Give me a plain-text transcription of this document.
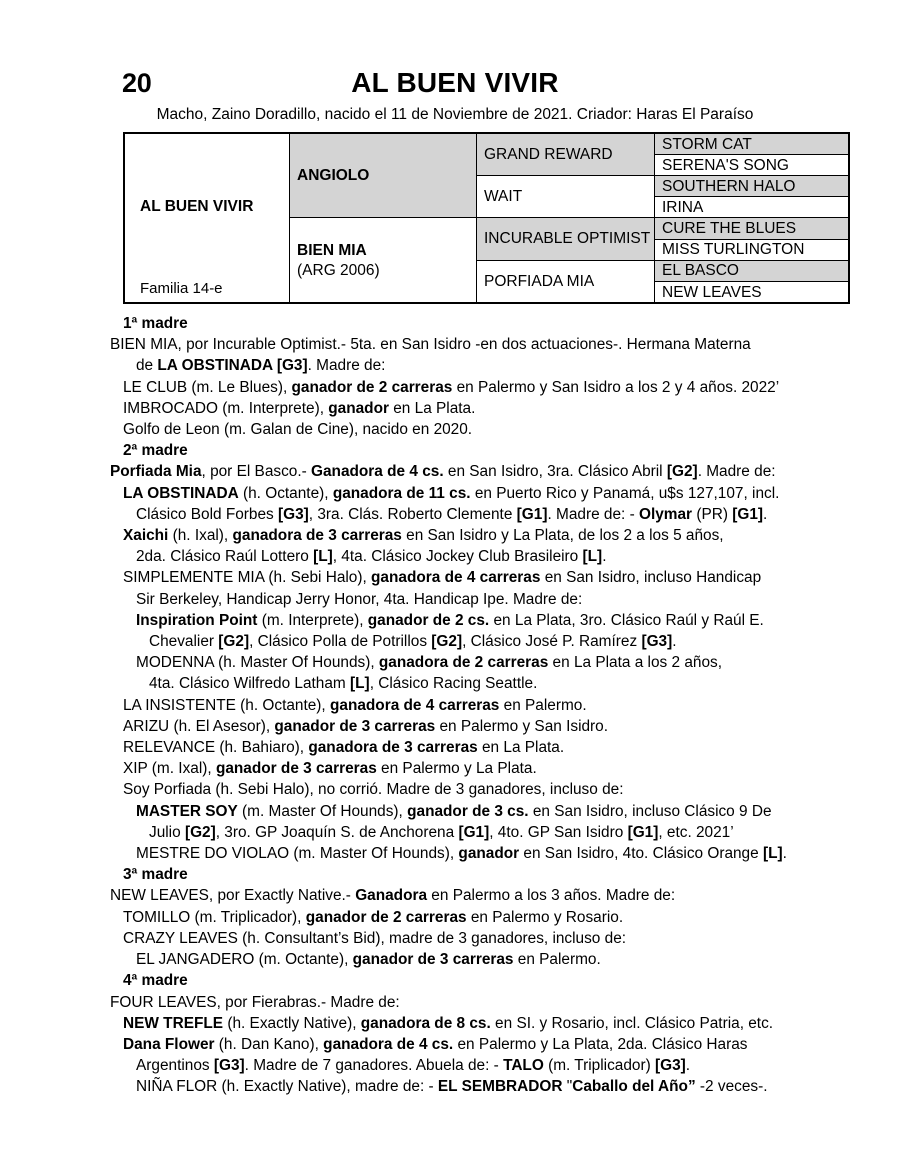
20	AL BUEN VIVIR
Macho, Zaino Doradillo, nacido el 11 de Noviembre de 2021. Criador: Haras El Paraíso
AL BUEN VIVIR
Familia 14-e	ANGIOLO	GRAND REWARD	STORM CAT
			SERENA'S SONG
		WAIT	SOUTHERN HALO
			IRINA

	BIEN MIA
(ARG 2006)	INCURABLE OPTIMIST	CURE THE BLUES
			MISS TURLINGTON
		PORFIADA MIA	EL BASCO
			NEW LEAVES
1ª madre
BIEN MIA, por Incurable Optimist.- 5ta. en San Isidro -en dos actuaciones-. Hermana Materna
de LA OBSTINADA [G3]. Madre de:
LE CLUB (m. Le Blues), ganador de 2 carreras en Palermo y San Isidro a los 2 y 4 años. 2022’
IMBROCADO (m. Interprete), ganador en La Plata.
Golfo de Leon (m. Galan de Cine), nacido en 2020.
2ª madre
Porfiada Mia, por El Basco.- Ganadora de 4 cs. en San Isidro, 3ra. Clásico Abril [G2]. Madre de:
LA OBSTINADA (h. Octante), ganadora de 11 cs. en Puerto Rico y Panamá, u$s 127,107, incl.
Clásico Bold Forbes [G3], 3ra. Clás. Roberto Clemente [G1]. Madre de: - Olymar (PR) [G1].
Xaichi (h. Ixal), ganadora de 3 carreras en San Isidro y La Plata, de los 2 a los 5 años,
2da. Clásico Raúl Lottero [L], 4ta. Clásico Jockey Club Brasileiro [L].
SIMPLEMENTE MIA (h. Sebi Halo), ganadora de 4 carreras en San Isidro, incluso Handicap
Sir Berkeley, Handicap Jerry Honor, 4ta. Handicap Ipe. Madre de:
Inspiration Point (m. Interprete), ganador de 2 cs. en La Plata, 3ro. Clásico Raúl y Raúl E.
Chevalier [G2], Clásico Polla de Potrillos [G2], Clásico José P. Ramírez [G3].
MODENNA (h. Master Of Hounds), ganadora de 2 carreras en La Plata a los 2 años,
4ta. Clásico Wilfredo Latham [L], Clásico Racing Seattle.
LA INSISTENTE (h. Octante), ganadora de 4 carreras en Palermo.
ARIZU (h. El Asesor), ganador de 3 carreras en Palermo y San Isidro.
RELEVANCE (h. Bahiaro), ganadora de 3 carreras en La Plata.
XIP (m. Ixal), ganador de 3 carreras en Palermo y La Plata.
Soy Porfiada (h. Sebi Halo), no corrió. Madre de 3 ganadores, incluso de:
MASTER SOY (m. Master Of Hounds), ganador de 3 cs. en San Isidro, incluso Clásico 9 De
Julio [G2], 3ro. GP Joaquín S. de Anchorena [G1], 4to. GP San Isidro [G1], etc. 2021’
MESTRE DO VIOLAO (m. Master Of Hounds), ganador en San Isidro, 4to. Clásico Orange [L].
3ª madre
NEW LEAVES, por Exactly Native.- Ganadora en Palermo a los 3 años. Madre de:
TOMILLO (m. Triplicador), ganador de 2 carreras en Palermo y Rosario.
CRAZY LEAVES (h. Consultant’s Bid), madre de 3 ganadores, incluso de:
EL JANGADERO (m. Octante), ganador de 3 carreras en Palermo.
4ª madre
FOUR LEAVES, por Fierabras.- Madre de:
NEW TREFLE (h. Exactly Native), ganadora de 8 cs. en SI. y Rosario, incl. Clásico Patria, etc.
Dana Flower (h. Dan Kano), ganadora de 4 cs. en Palermo y La Plata, 2da. Clásico Haras
Argentinos [G3]. Madre de 7 ganadores. Abuela de: - TALO (m. Triplicador) [G3].
NIÑA FLOR (h. Exactly Native), madre de: - EL SEMBRADOR "Caballo del Año” -2 veces-.
